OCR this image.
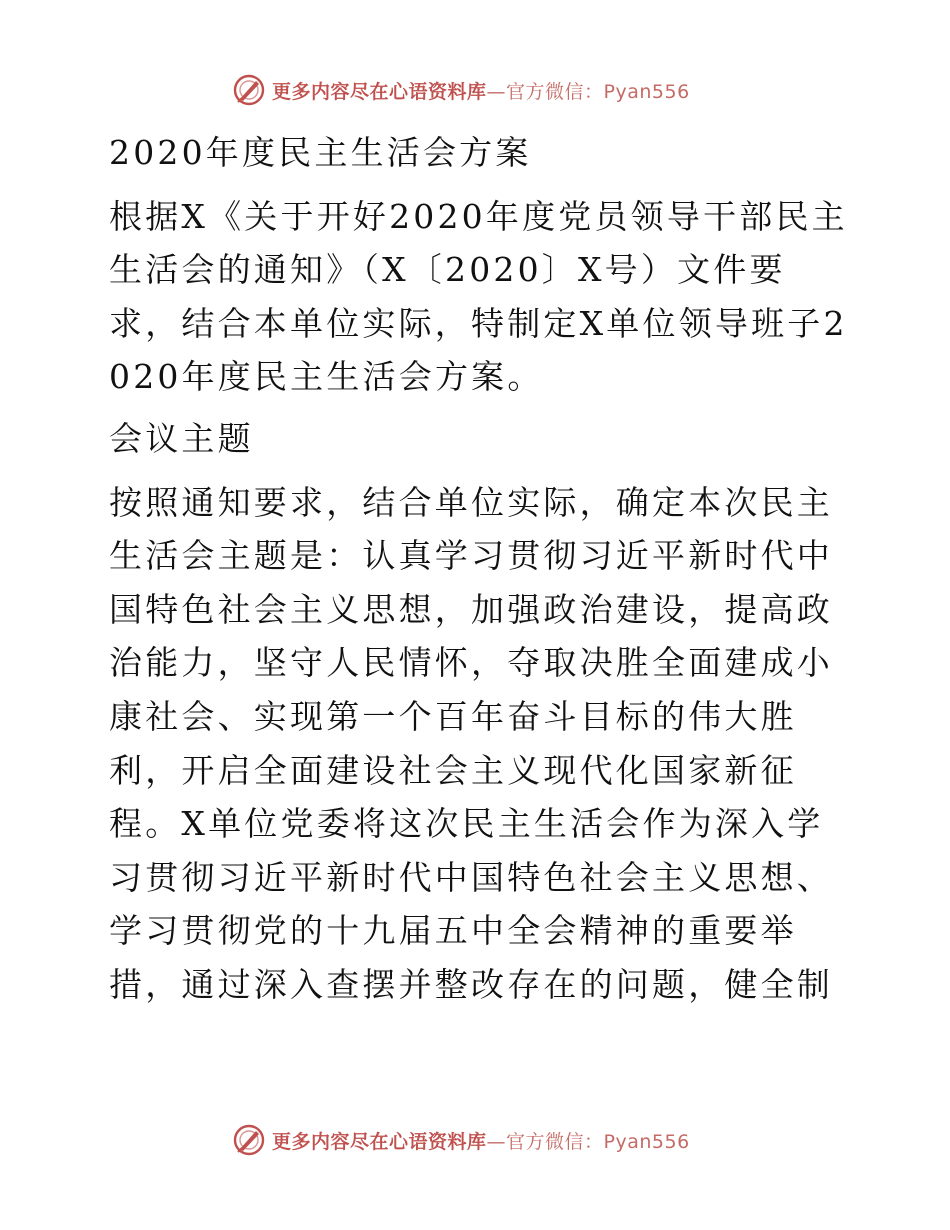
更多内容尽在心语资料库—官方微信：Pyan556

2020年度民主生活会方案

根据X《关于开好2020年度党员领导干部民主生活会的通知》（X〔2020〕X号）文件要求，结合本单位实际，特制定X单位领导班子2020年度民主生活会方案。

会议主题

按照通知要求，结合单位实际，确定本次民主生活会主题是：认真学习贯彻习近平新时代中国特色社会主义思想，加强政治建设，提高政治能力，坚守人民情怀，夺取决胜全面建成小康社会、实现第一个百年奋斗目标的伟大胜利，开启全面建设社会主义现代化国家新征程。X单位党委将这次民主生活会作为深入学习贯彻习近平新时代中国特色社会主义思想、学习贯彻党的十九届五中全会精神的重要举措，通过深入查摆并整改存在的问题，健全制

更多内容尽在心语资料库—官方微信：Pyan556
